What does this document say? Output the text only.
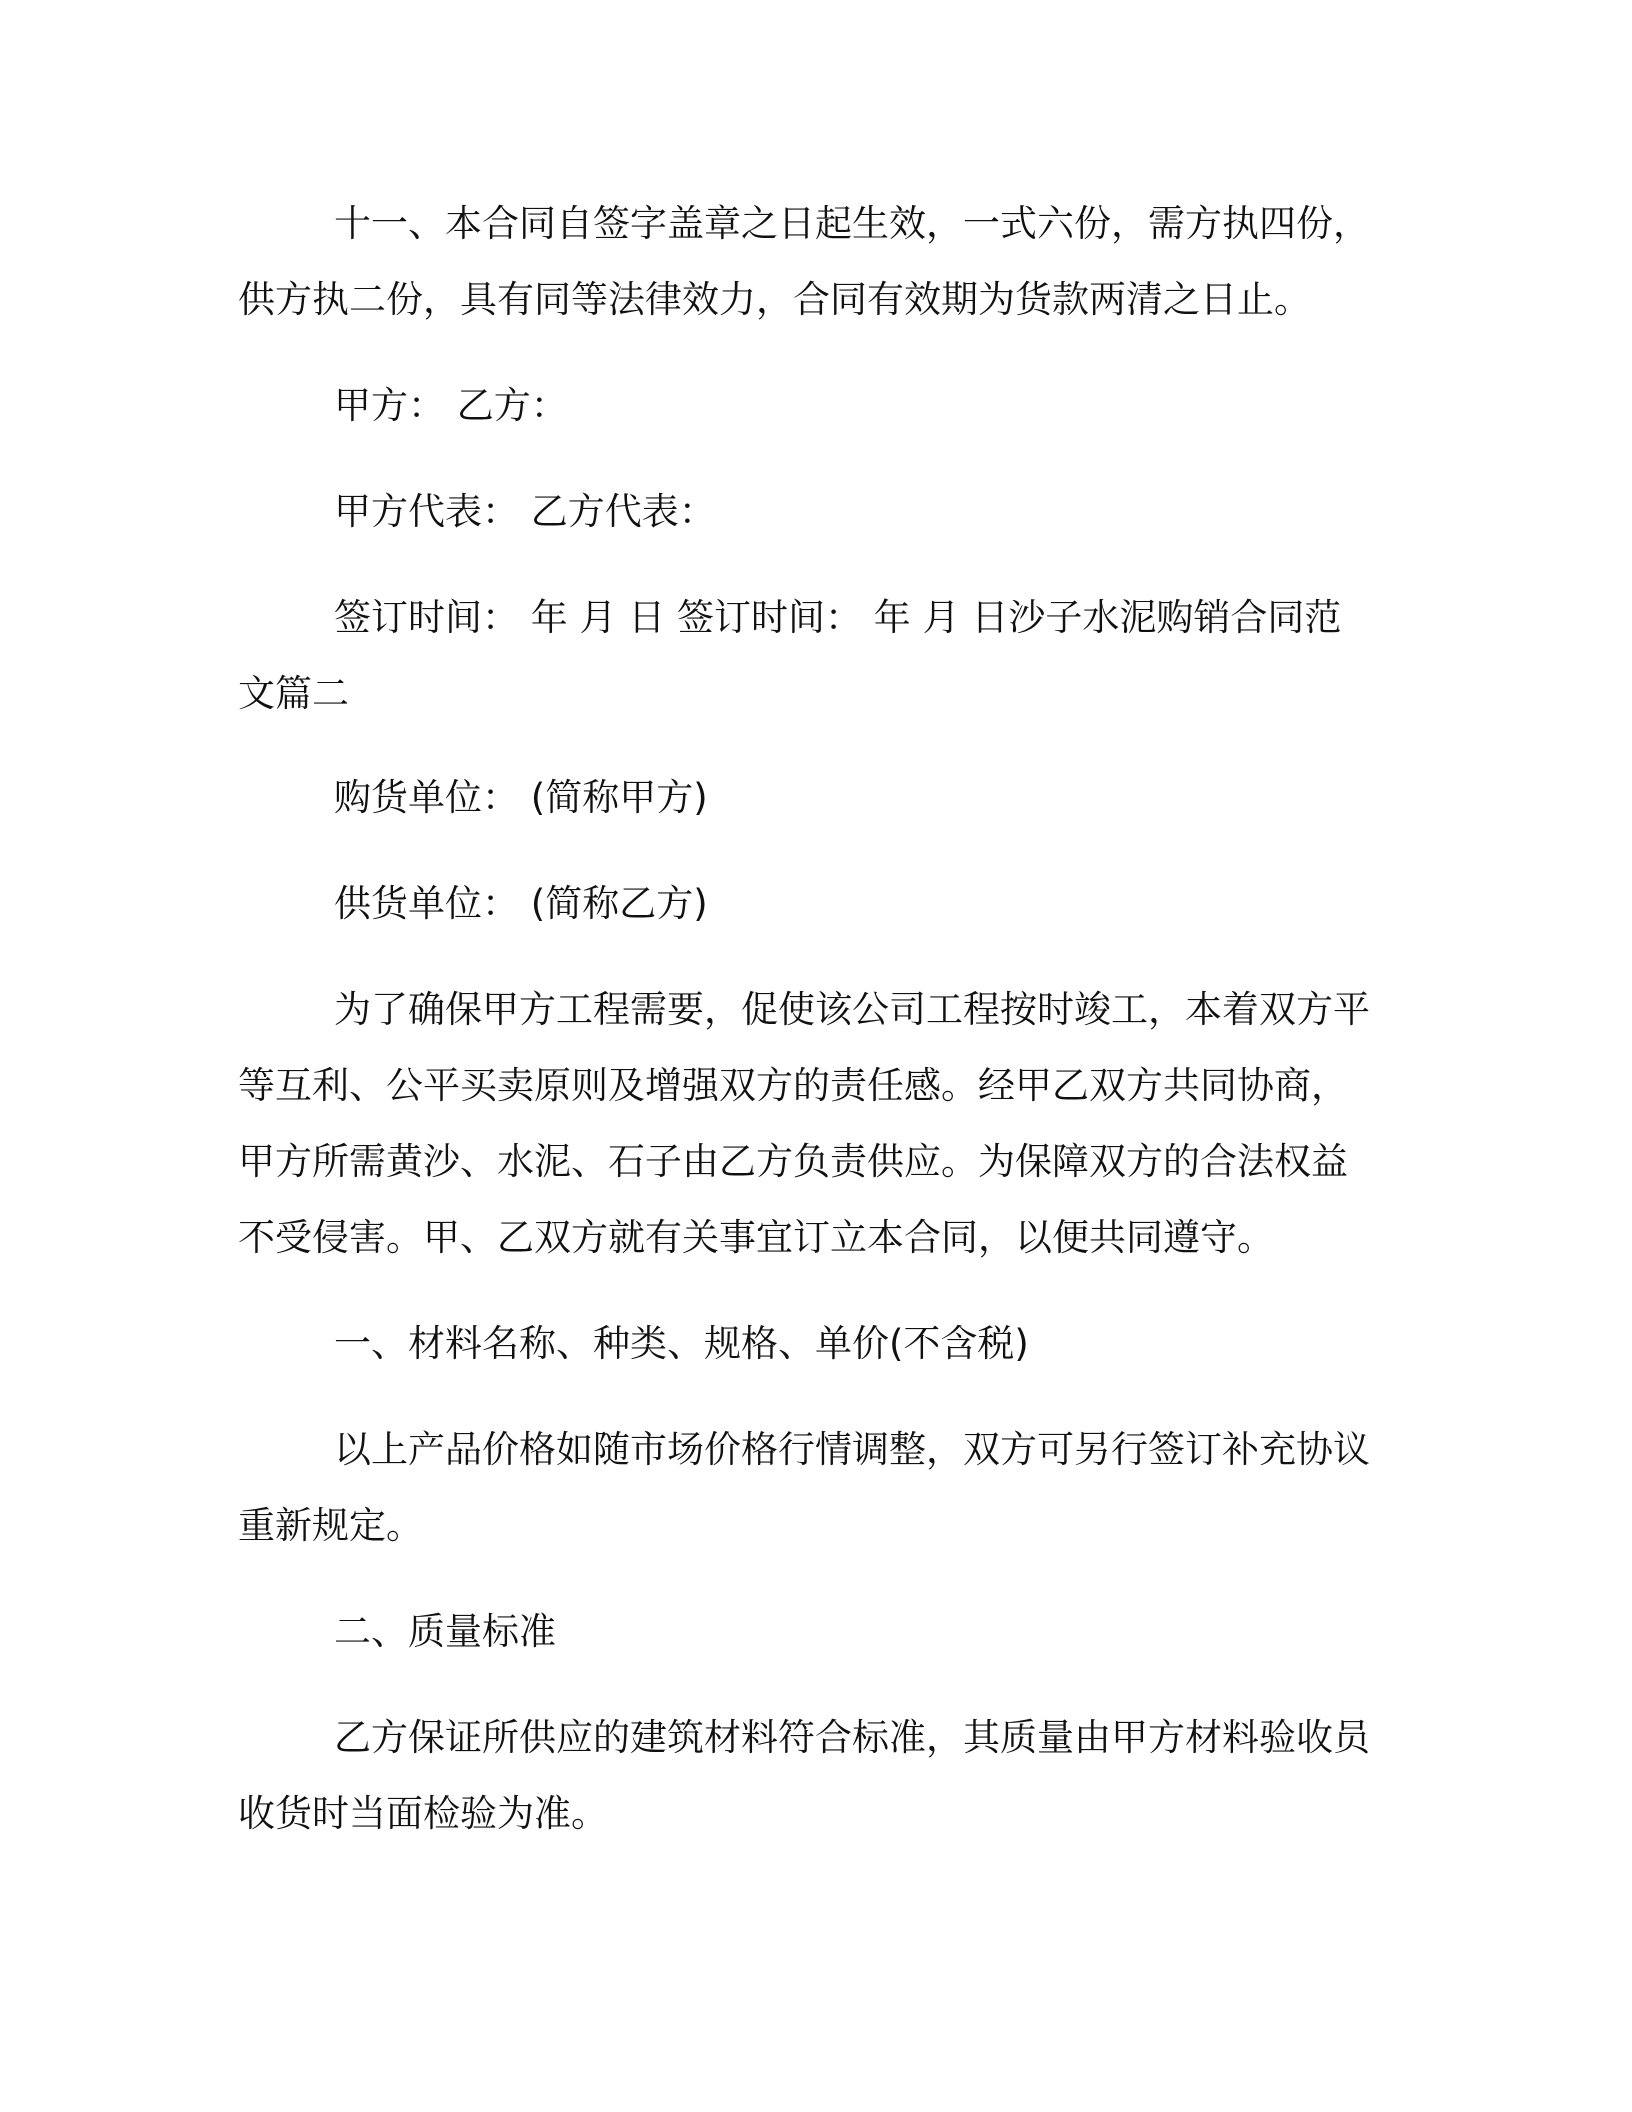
十一、本合同自签字盖章之日起生效，一式六份，需方执四份，供方执二份，具有同等法律效力，合同有效期为货款两清之日止。

甲方： 乙方：

甲方代表： 乙方代表：

签订时间： 年 月 日 签订时间： 年 月 日沙子水泥购销合同范文篇二

购货单位： (简称甲方)

供货单位： (简称乙方)

为了确保甲方工程需要，促使该公司工程按时竣工，本着双方平等互利、公平买卖原则及增强双方的责任感。经甲乙双方共同协商，甲方所需黄沙、水泥、石子由乙方负责供应。为保障双方的合法权益不受侵害。甲、乙双方就有关事宜订立本合同，以便共同遵守。

一、材料名称、种类、规格、单价(不含税)

以上产品价格如随市场价格行情调整，双方可另行签订补充协议重新规定。

二、质量标准

乙方保证所供应的建筑材料符合标准，其质量由甲方材料验收员收货时当面检验为准。
